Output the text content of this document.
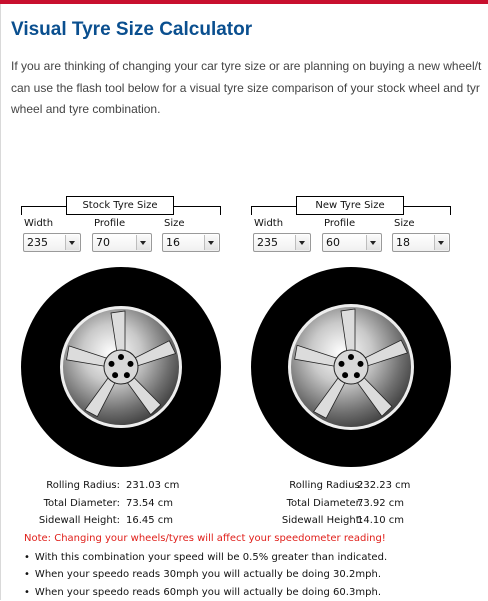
Visual Tyre Size Calculator

If you are thinking of changing your car tyre size or are planning on buying a new wheel/t

can use the flash tool below for a visual tyre size comparison of your stock wheel and tyr

wheel and tyre combination.

Stock Tyre Size
Width	Profile	Size
235	70	16
New Tyre Size
Width	Profile	Size
235	60	18
Rolling Radius: 231.03 cm
Total Diameter: 73.54 cm
Sidewall Height: 16.45 cm
Rolling Radius:
232.23 cm
Total Diameter:
73.92 cm
Sidewall Height:
14.10 cm
Note: Changing your wheels/tyres will affect your speedometer reading!
• With this combination your speed will be 0.5% greater than indicated.
• When your speedo reads 30mph you will actually be doing 30.2mph.
• When your speedo reads 60mph you will actually be doing 60.3mph.
